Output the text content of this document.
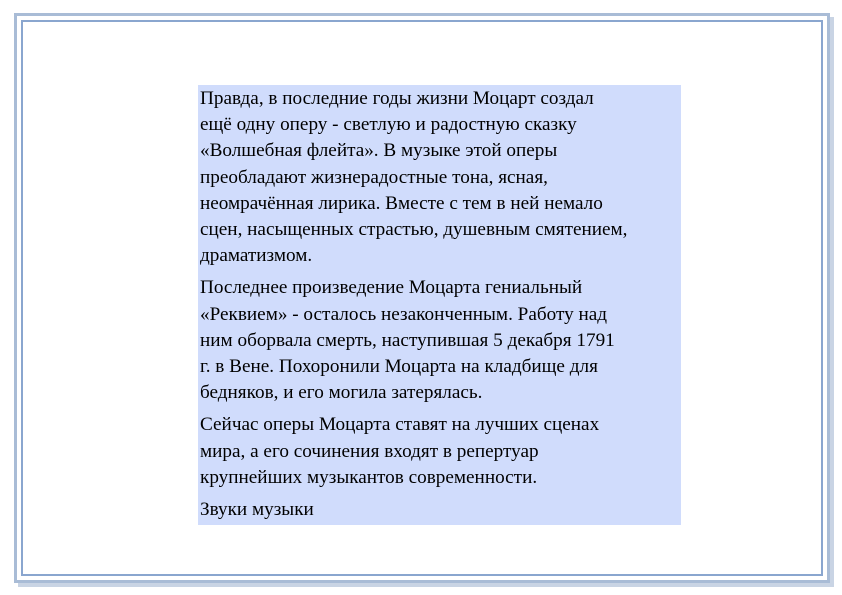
Правда, в последние годы жизни Моцарт создал
ещё одну оперу - светлую и радостную сказку
«Волшебная флейта». В музыке этой оперы
преобладают жизнерадостные тона, ясная,
неомрачённая лирика. Вместе с тем в ней немало
сцен, насыщенных страстью, душевным смятением,
драматизмом.

Последнее произведение Моцарта гениальный
«Реквием» - осталось незаконченным. Работу над
ним оборвала смерть, наступившая 5 декабря 1791
г. в Вене. Похоронили Моцарта на кладбище для
бедняков, и его могила затерялась.

Сейчас оперы Моцарта ставят на лучших сценах
мира, а его сочинения входят в репертуар
крупнейших музыкантов современности.

Звуки музыки
